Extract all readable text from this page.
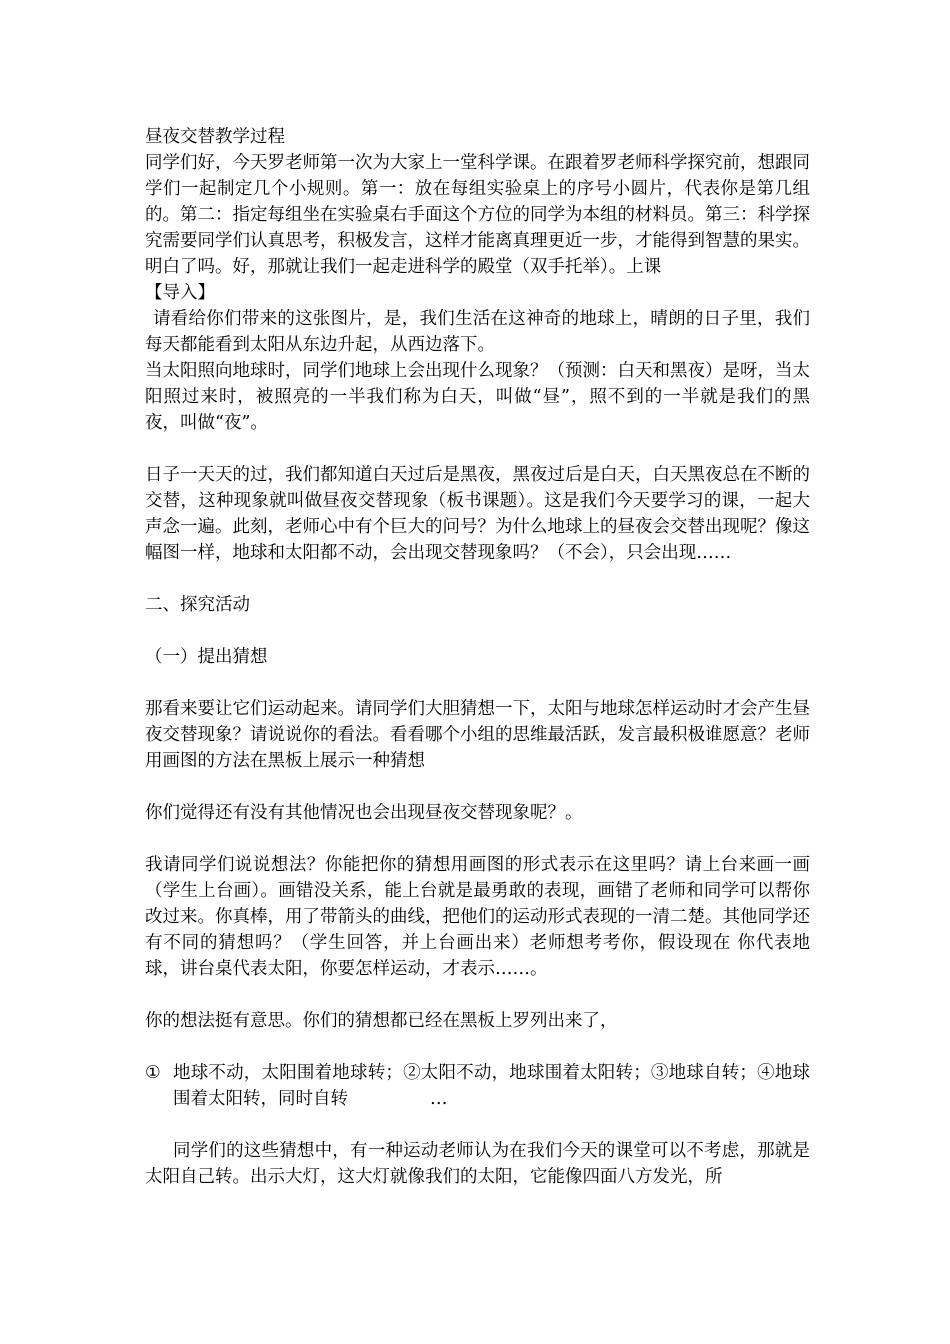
昼夜交替教学过程

同学们好，今天罗老师第一次为大家上一堂科学课。在跟着罗老师科学探究前，想跟同学们一起制定几个小规则。第一：放在每组实验桌上的序号小圆片，代表你是第几组的。第二：指定每组坐在实验桌右手面这个方位的同学为本组的材料员。第三：科学探究需要同学们认真思考，积极发言，这样才能离真理更近一步，才能得到智慧的果实。明白了吗。好，那就让我们一起走进科学的殿堂（双手托举）。上课

【导入】

请看给你们带来的这张图片，是，我们生活在这神奇的地球上，晴朗的日子里，我们每天都能看到太阳从东边升起，从西边落下。

当太阳照向地球时，同学们地球上会出现什么现象？（预测：白天和黑夜）是呀，当太阳照过来时，被照亮的一半我们称为白天，叫做“昼”，照不到的一半就是我们的黑夜，叫做“夜”。

日子一天天的过，我们都知道白天过后是黑夜，黑夜过后是白天，白天黑夜总在不断的交替，这种现象就叫做昼夜交替现象（板书课题）。这是我们今天要学习的课，一起大声念一遍。此刻，老师心中有个巨大的问号？为什么地球上的昼夜会交替出现呢？像这幅图一样，地球和太阳都不动，会出现交替现象吗？（不会），只会出现……

二、探究活动

（一）提出猜想

那看来要让它们运动起来。请同学们大胆猜想一下，太阳与地球怎样运动时才会产生昼夜交替现象？请说说你的看法。看看哪个小组的思维最活跃，发言最积极谁愿意？老师用画图的方法在黑板上展示一种猜想

你们觉得还有没有其他情况也会出现昼夜交替现象呢？。

我请同学们说说想法？你能把你的猜想用画图的形式表示在这里吗？请上台来画一画（学生上台画）。画错没关系，能上台就是最勇敢的表现，画错了老师和同学可以帮你改过来。你真棒，用了带箭头的曲线，把他们的运动形式表现的一清二楚。其他同学还有不同的猜想吗？（学生回答，并上台画出来）老师想考考你，假设现在 你代表地球，讲台桌代表太阳，你要怎样运动，才表示……。

你的想法挺有意思。你们的猜想都已经在黑板上罗列出来了，

① 地球不动，太阳围着地球转；②太阳不动，地球围着太阳转；③地球自转；④地球围着太阳转，同时自转	…

同学们的这些猜想中，有一种运动老师认为在我们今天的课堂可以不考虑，那就是太阳自己转。出示大灯，这大灯就像我们的太阳，它能像四面八方发光，所
